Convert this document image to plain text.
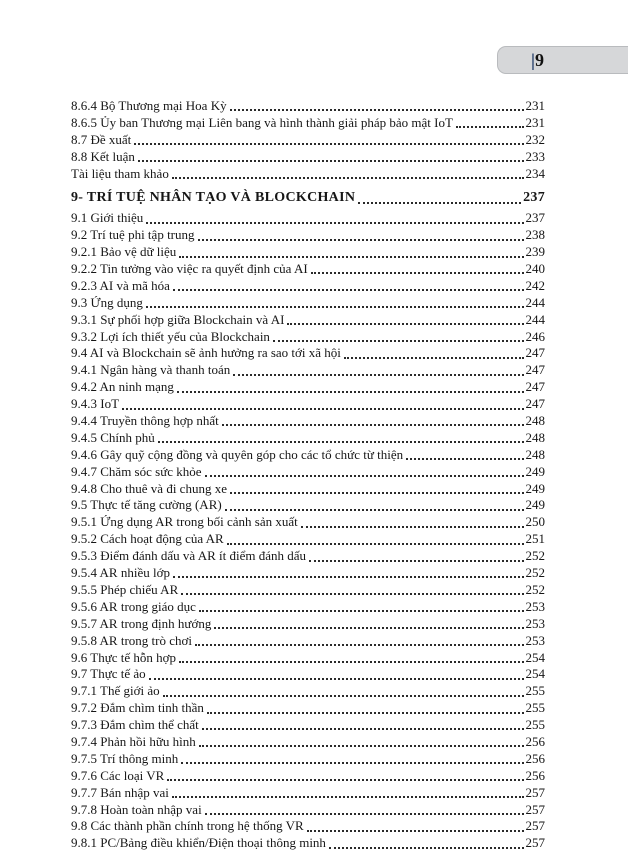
| 9
8.6.4 Bộ Thương mại Hoa Kỳ	231
8.6.5 Ủy ban Thương mại Liên bang và hình thành giải pháp bảo mật IoT	231
8.7 Đề xuất	232
8.8 Kết luận	233
Tài liệu tham khảo	234
9- TRÍ TUỆ NHÂN TẠO VÀ BLOCKCHAIN	237
9.1 Giới thiệu	237
9.2 Trí tuệ phi tập trung	238
9.2.1 Bảo vệ dữ liệu	239
9.2.2 Tin tưởng vào việc ra quyết định của AI	240
9.2.3 AI và mã hóa	242
9.3 Ứng dụng	244
9.3.1 Sự phối hợp giữa Blockchain và AI	244
9.3.2 Lợi ích thiết yếu của Blockchain	246
9.4 AI và Blockchain sẽ ảnh hưởng ra sao tới xã hội	247
9.4.1 Ngân hàng và thanh toán	247
9.4.2 An ninh mạng	247
9.4.3 IoT	247
9.4.4 Truyền thông hợp nhất	248
9.4.5 Chính phủ	248
9.4.6 Gây quỹ cộng đồng và quyên góp cho các tổ chức từ thiện	248
9.4.7 Chăm sóc sức khỏe	249
9.4.8 Cho thuê và đi chung xe	249
9.5 Thực tế tăng cường (AR)	249
9.5.1 Ứng dụng AR trong bối cảnh sản xuất	250
9.5.2 Cách hoạt động của AR	251
9.5.3 Điểm đánh dấu và AR ít điểm đánh dấu	252
9.5.4 AR nhiều lớp	252
9.5.5 Phép chiếu AR	252
9.5.6 AR trong giáo dục	253
9.5.7 AR trong định hướng	253
9.5.8 AR trong trò chơi	253
9.6 Thực tế hỗn hợp	254
9.7 Thực tế ảo	254
9.7.1 Thế giới ảo	255
9.7.2 Đắm chìm tinh thần	255
9.7.3 Đắm chìm thể chất	255
9.7.4 Phản hồi hữu hình	256
9.7.5 Trí thông minh	256
9.7.6 Các loại VR	256
9.7.7 Bán nhập vai	257
9.7.8 Hoàn toàn nhập vai	257
9.8 Các thành phần chính trong hệ thống VR	257
9.8.1 PC/Bảng điều khiển/Điện thoại thông minh	257
